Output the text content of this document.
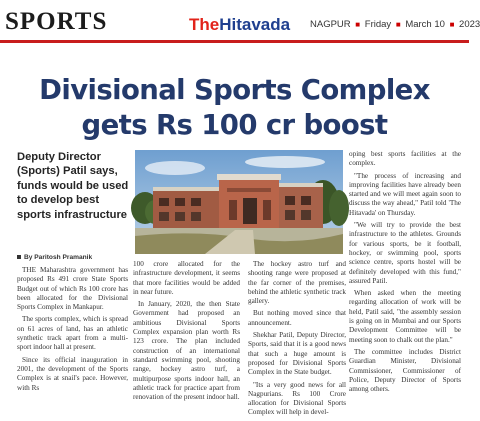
SPORTS	TheHitavada NAGPUR ■ Friday ■ March 10 ■ 2023
Divisional Sports Complex
gets Rs 100 cr boost
Deputy Director (Sports) Patil says, funds would be used to develop best sports infrastructure
By Paritosh Pramanik

THE Maharashtra government has proposed Rs 491 crore State Sports Budget out of which Rs 100 crore has been allocated for the Divisional Sports Complex in Mankapur.

The sports complex, which is spread on 61 acres of land, has an athletic synthetic track apart from a multi-sport indoor hall at present.

Since its official inauguration in 2001, the development of the Sports Complex is at snail's pace. However, with Rs

100 crore allocated for the infrastructure development, it seems that more facilities would be added in near future.

In January, 2020, the then State Government had proposed an ambitious Divisional Sports Complex expansion plan worth Rs 123 crore. The plan included construction of an international standard swimming pool, shooting range, hockey astro turf, a multipurpose sports indoor hall, an athletic track for practice apart from renovation of the present indoor hall.

The hockey astro turf and shooting range were proposed at the far corner of the premises, behind the athletic synthetic track gallery.

But nothing moved since that announcement.

Shekhar Patil, Deputy Director, Sports, said that it is a good news that such a huge amount is proposed for Divisional Sports Complex in the State budget.

"Its a very good news for all Nagpurians. Rs 100 Crore allocation for Divisional Sports Complex will help in devel-

oping best sports facilities at the complex.

"The process of increasing and improving facilities have already been started and we will meet again soon to discuss the way ahead," Patil told 'The Hitavada' on Thursday.

"We will try to provide the best infrastructure to the athletes. Grounds for various sports, be it football, hockey, or swimming pool, sports science centre, sports hostel will be definitely developed with this fund," assured Patil.

When asked when the meeting regarding allocation of work will be held, Patil said, "the assembly session is going on in Mumbai and our Sports Development Committee will be meeting soon to chalk out the plan."

The committee includes District Guardian Minister, Divisional Commissioner, Commissioner of Police, Deputy Director of Sports among others.
